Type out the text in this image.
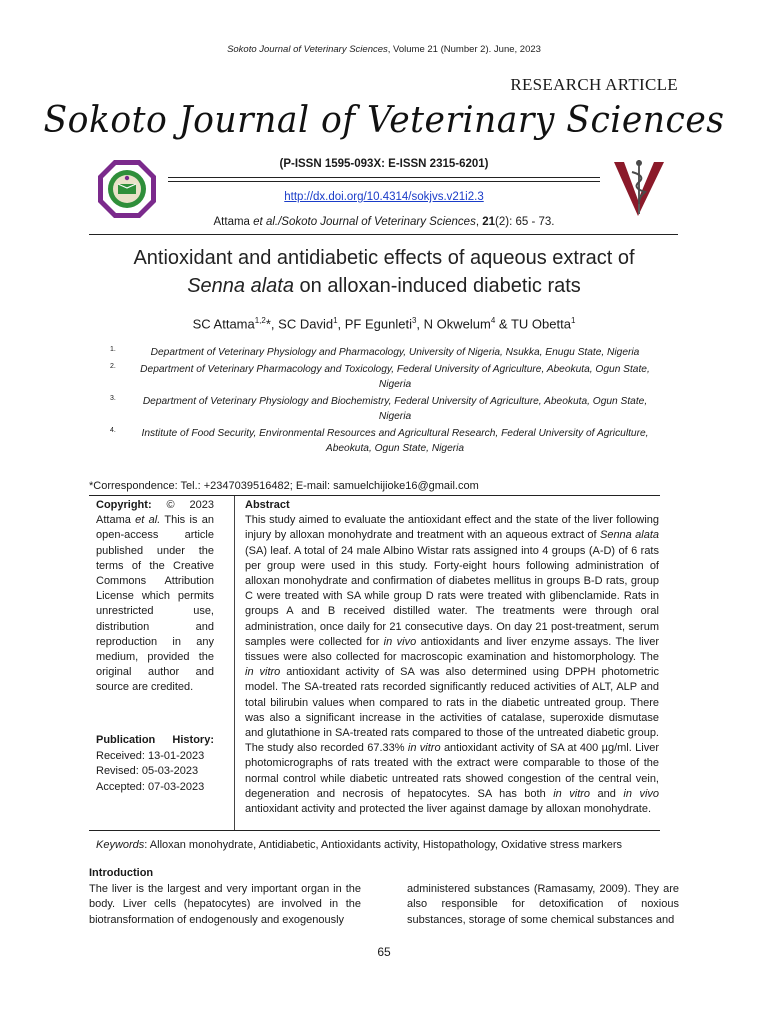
Sokoto Journal of Veterinary Sciences, Volume 21 (Number 2). June, 2023
RESEARCH ARTICLE
Sokoto Journal of Veterinary Sciences
(P-ISSN 1595-093X: E-ISSN 2315-6201)
http://dx.doi.org/10.4314/sokjvs.v21i2.3
Attama et al./Sokoto Journal of Veterinary Sciences, 21(2): 65 - 73.
Antioxidant and antidiabetic effects of aqueous extract of
Senna alata on alloxan-induced diabetic rats
SC Attama$^{1,2}$*, SC David$^1$, PF Egunleti$^3$, N Okwelum$^4$ & TU Obetta$^1$
1.	Department of Veterinary Physiology and Pharmacology, University of Nigeria, Nsukka, Enugu State, Nigeria
2. Department of Veterinary Pharmacology and Toxicology, Federal University of Agriculture, Abeokuta, Ogun State, Nigeria
3.	Department of Veterinary Physiology and Biochemistry, Federal University of Agriculture, Abeokuta, Ogun State, Nigeria
4.	Institute of Food Security, Environmental Resources and Agricultural Research, Federal University of Agriculture, Abeokuta, Ogun State, Nigeria
*Correspondence: Tel.: +2347039516482; E-mail: samuelchijioke16@gmail.com
Copyright: © 2023 Attama et al. This is an open-access article published under the terms of the Creative Commons Attribution License which permits unrestricted use, distribution and reproduction in any medium, provided the original author and source are credited.
Publication History:
Received: 13-01-2023
Revised: 05-03-2023
Accepted: 07-03-2023
Abstract

This study aimed to evaluate the antioxidant effect and the state of the liver following injury by alloxan monohydrate and treatment with an aqueous extract of Senna alata (SA) leaf. A total of 24 male Albino Wistar rats assigned into 4 groups (A-D) of 6 rats per group were used in this study. Forty-eight hours following administration of alloxan monohydrate and confirmation of diabetes mellitus in groups B-D rats, group C were treated with SA while group D rats were treated with glibenclamide. Rats in groups A and B received distilled water. The treatments were through oral administration, once daily for 21 consecutive days. On day 21 post-treatment, serum samples were collected for in vivo antioxidants and liver enzyme assays. The liver tissues were also collected for macroscopic examination and histomorphology. The in vitro antioxidant activity of SA was also determined using DPPH photometric model. The SA-treated rats recorded significantly reduced activities of ALT, ALP and total bilirubin values when compared to rats in the diabetic untreated group. There was also a significant increase in the activities of catalase, superoxide dismutase and glutathione in SA-treated rats compared to those of the untreated diabetic group. The study also recorded 67.33% in vitro antioxidant activity of SA at 400 µg/ml. Liver photomicrographs of rats treated with the extract were comparable to those of the normal control while diabetic untreated rats showed congestion of the central vein, degeneration and necrosis of hepatocytes. SA has both in vitro and in vivo antioxidant activity and protected the liver against damage by alloxan monohydrate.

Keywords: Alloxan monohydrate, Antidiabetic, Antioxidants activity, Histopathology, Oxidative stress markers
Introduction
The liver is the largest and very important organ in the body. Liver cells (hepatocytes) are involved in the biotransformation of endogenously and exogenously
administered substances (Ramasamy, 2009). They are also responsible for detoxification of noxious substances, storage of some chemical substances and
65
